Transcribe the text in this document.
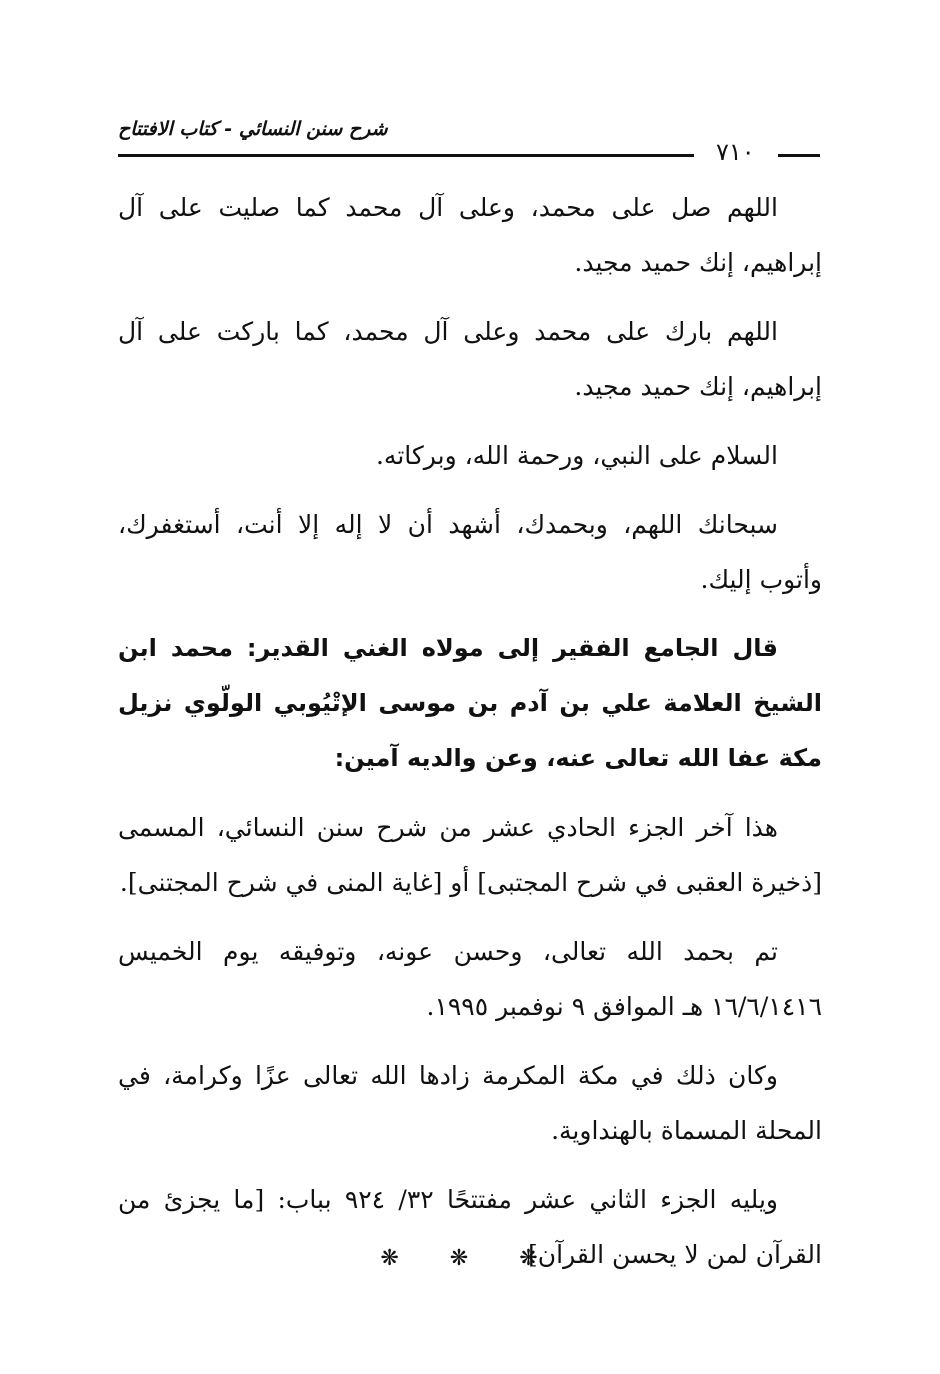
شرح سنن النسائي - كتاب الافتتاح
٧١٠

اللهم صل على محمد، وعلى آل محمد كما صليت على آل إبراهيم، إنك حميد مجيد.

اللهم بارك على محمد وعلى آل محمد، كما باركت على آل إبراهيم، إنك حميد مجيد.

السلام على النبي، ورحمة الله، وبركاته.

سبحانك اللهم، وبحمدك، أشهد أن لا إله إلا أنت، أستغفرك، وأتوب إليك.

قال الجامع الفقير إلى مولاه الغني القدير: محمد ابن الشيخ العلامة علي بن آدم بن موسى الإتْيُوبي الولّوي نزيل مكة عفا الله تعالى عنه، وعن والديه آمين:

هذا آخر الجزء الحادي عشر من شرح سنن النسائي، المسمى [ذخيرة العقبى في شرح المجتبى] أو [غاية المنى في شرح المجتنى].

تم بحمد الله تعالى، وحسن عونه، وتوفيقه يوم الخميس ١٦/٦/١٤١٦ هـ الموافق ٩ نوفمبر ١٩٩٥.

وكان ذلك في مكة المكرمة زادها الله تعالى عزًا وكرامة، في المحلة المسماة بالهنداوية.

ويليه الجزء الثاني عشر مفتتحًا ٣٢/ ٩٢٤ بباب: [ما يجزئ من القرآن لمن لا يحسن القرآن].

❋ ❋ ❋
